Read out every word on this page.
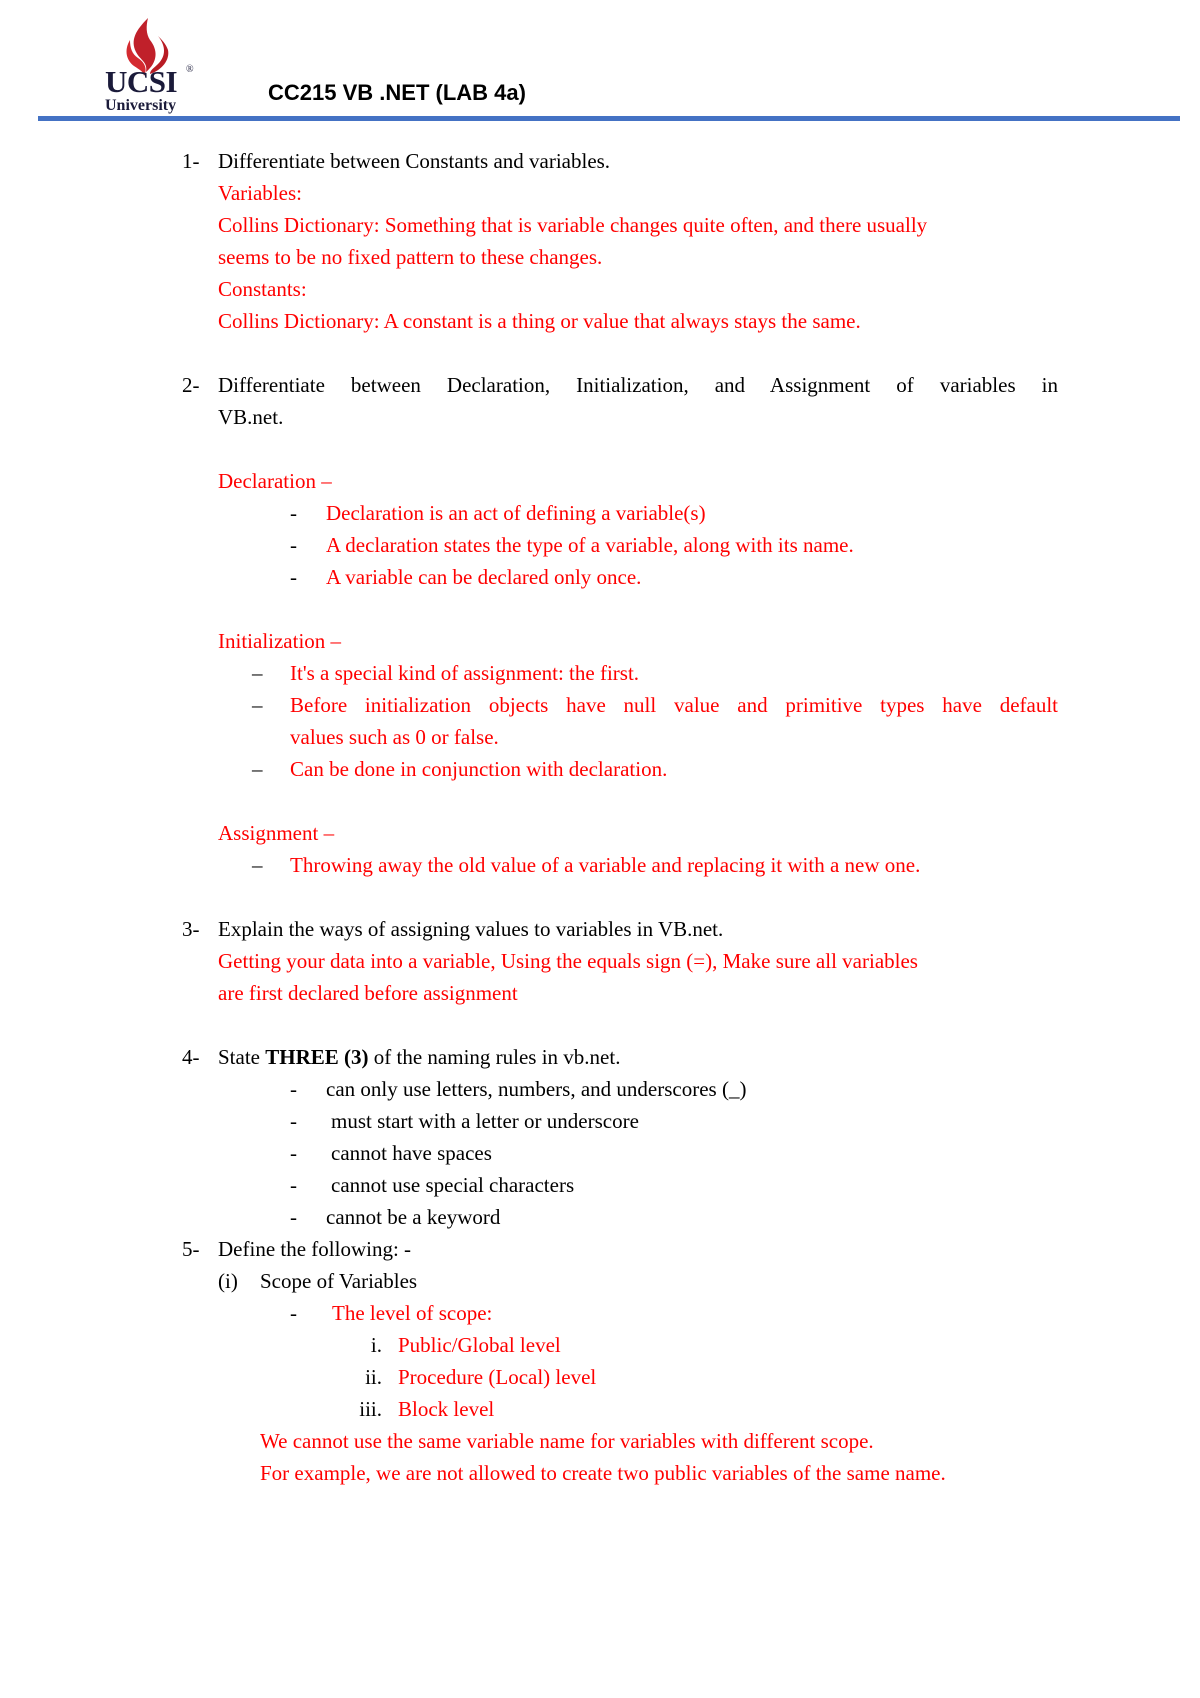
UCSI
University
®
CC215 VB .NET (LAB 4a)
1- Differentiate between Constants and variables.
Variables:
Collins Dictionary: Something that is variable changes quite often, and there usually
seems to be no fixed pattern to these changes.
Constants:
Collins Dictionary: A constant is a thing or value that always stays the same.
2- Differentiate between Declaration, Initialization, and Assignment of variables in
VB.net.
Declaration –
- Declaration is an act of defining a variable(s)
- A declaration states the type of a variable, along with its name.
- A variable can be declared only once.
Initialization –
– It's a special kind of assignment: the first.
– Before initialization objects have null value and primitive types have default
values such as 0 or false.
– Can be done in conjunction with declaration.
Assignment –
– Throwing away the old value of a variable and replacing it with a new one.
3- Explain the ways of assigning values to variables in VB.net.
Getting your data into a variable, Using the equals sign (=), Make sure all variables
are first declared before assignment
4- State THREE (3) of the naming rules in vb.net.
- can only use letters, numbers, and underscores (_)
- must start with a letter or underscore
- cannot have spaces
- cannot use special characters
- cannot be a keyword
5- Define the following: -
(i) Scope of Variables
- The level of scope:
i. Public/Global level
ii. Procedure (Local) level
iii. Block level
We cannot use the same variable name for variables with different scope.
For example, we are not allowed to create two public variables of the same name.
